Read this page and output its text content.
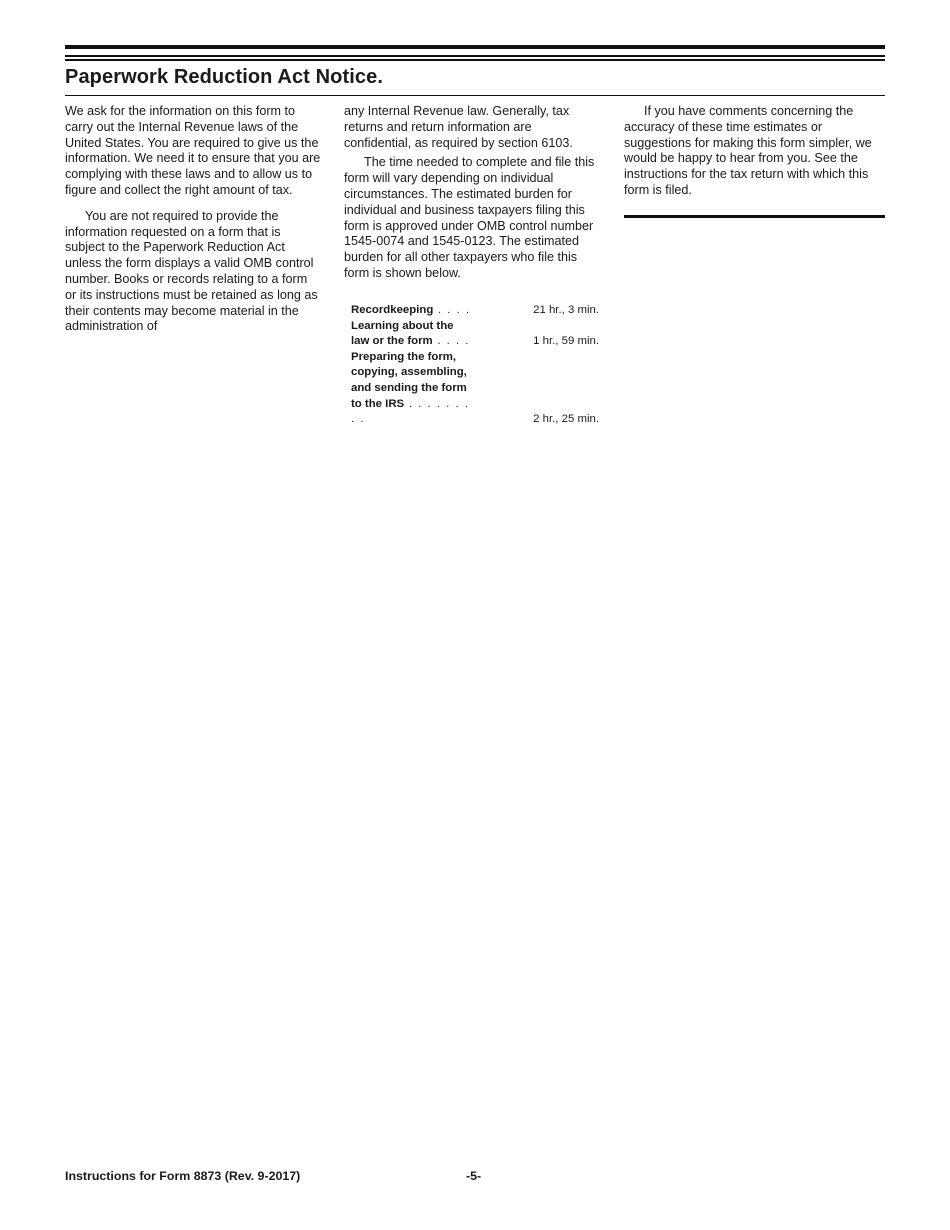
Paperwork Reduction Act Notice.

We ask for the information on this form to carry out the Internal Revenue laws of the United States. You are required to give us the information. We need it to ensure that you are complying with these laws and to allow us to figure and collect the right amount of tax.

You are not required to provide the information requested on a form that is subject to the Paperwork Reduction Act unless the form displays a valid OMB control number. Books or records relating to a form or its instructions must be retained as long as their contents may become material in the administration of

any Internal Revenue law. Generally, tax returns and return information are confidential, as required by section 6103.

The time needed to complete and file this form will vary depending on individual circumstances. The estimated burden for individual and business taxpayers filing this form is approved under OMB control number 1545-0074 and 1545-0123. The estimated burden for all other taxpayers who file this form is shown below.

Recordkeeping . . . .	21 hr., 3 min.
Learning about the law or the form . . . .	1 hr., 59 min.
Preparing the form, copying, assembling, and sending the form to the IRS . . . . . . . . .	2 hr., 25 min.

If you have comments concerning the accuracy of these time estimates or suggestions for making this form simpler, we would be happy to hear from you. See the instructions for the tax return with which this form is filed.

Instructions for Form 8873 (Rev. 9-2017)	-5-
